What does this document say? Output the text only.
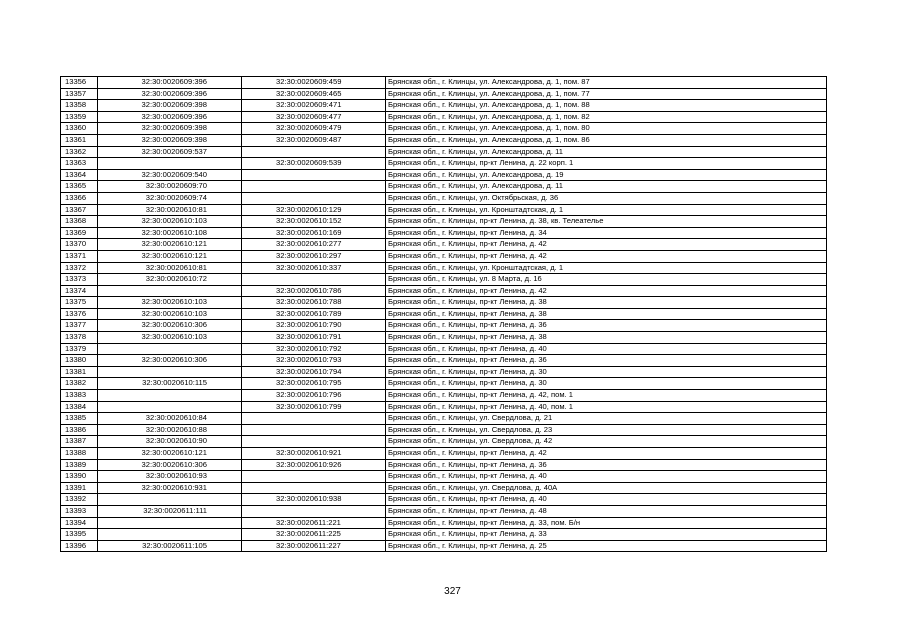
13356	32:30:0020609:396	32:30:0020609:459	Брянская обл., г. Клинцы, ул. Александрова, д. 1, пом. 87
13357	32:30:0020609:396	32:30:0020609:465	Брянская обл., г. Клинцы, ул. Александрова, д. 1, пом. 77
13358	32:30:0020609:398	32:30:0020609:471	Брянская обл., г. Клинцы, ул. Александрова, д. 1, пом. 88
13359	32:30:0020609:396	32:30:0020609:477	Брянская обл., г. Клинцы, ул. Александрова, д. 1, пом. 82
13360	32:30:0020609:398	32:30:0020609:479	Брянская обл., г. Клинцы, ул. Александрова, д. 1, пом. 80
13361	32:30:0020609:398	32:30:0020609:487	Брянская обл., г. Клинцы, ул. Александрова, д. 1, пом. 86
13362	32:30:0020609:537		Брянская обл., г. Клинцы, ул. Александрова, д. 11
13363		32:30:0020609:539	Брянская обл., г. Клинцы, пр-кт Ленина, д. 22 корп. 1
13364	32:30:0020609:540		Брянская обл., г. Клинцы, ул. Александрова, д. 19
13365	32:30:0020609:70		Брянская обл., г. Клинцы, ул. Александрова, д. 11
13366	32:30:0020609:74		Брянская обл., г. Клинцы, ул. Октябрьская, д. 36
13367	32:30:0020610:81	32:30:0020610:129	Брянская обл., г. Клинцы, ул. Кронштадтская, д. 1
13368	32:30:0020610:103	32:30:0020610:152	Брянская обл., г. Клинцы, пр-кт Ленина, д. 38, кв. Телеателье
13369	32:30:0020610:108	32:30:0020610:169	Брянская обл., г. Клинцы, пр-кт Ленина, д. 34
13370	32:30:0020610:121	32:30:0020610:277	Брянская обл., г. Клинцы, пр-кт Ленина, д. 42
13371	32:30:0020610:121	32:30:0020610:297	Брянская обл., г. Клинцы, пр-кт Ленина, д. 42
13372	32:30:0020610:81	32:30:0020610:337	Брянская обл., г. Клинцы, ул. Кронштадтская, д. 1
13373	32:30:0020610:72		Брянская обл., г. Клинцы, ул. 8 Марта, д. 16
13374		32:30:0020610:786	Брянская обл., г. Клинцы, пр-кт Ленина, д. 42
13375	32:30:0020610:103	32:30:0020610:788	Брянская обл., г. Клинцы, пр-кт Ленина, д. 38
13376	32:30:0020610:103	32:30:0020610:789	Брянская обл., г. Клинцы, пр-кт Ленина, д. 38
13377	32:30:0020610:306	32:30:0020610:790	Брянская обл., г. Клинцы, пр-кт Ленина, д. 36
13378	32:30:0020610:103	32:30:0020610:791	Брянская обл., г. Клинцы, пр-кт Ленина, д. 38
13379		32:30:0020610:792	Брянская обл., г. Клинцы, пр-кт Ленина, д. 40
13380	32:30:0020610:306	32:30:0020610:793	Брянская обл., г. Клинцы, пр-кт Ленина, д. 36
13381		32:30:0020610:794	Брянская обл., г. Клинцы, пр-кт Ленина, д. 30
13382	32:30:0020610:115	32:30:0020610:795	Брянская обл., г. Клинцы, пр-кт Ленина, д. 30
13383		32:30:0020610:796	Брянская обл., г. Клинцы, пр-кт Ленина, д. 42, пом. 1
13384		32:30:0020610:799	Брянская обл., г. Клинцы, пр-кт Ленина, д. 40, пом. 1
13385	32:30:0020610:84		Брянская обл., г. Клинцы, ул. Свердлова, д. 21
13386	32:30:0020610:88		Брянская обл., г. Клинцы, ул. Свердлова, д. 23
13387	32:30:0020610:90		Брянская обл., г. Клинцы, ул. Свердлова, д. 42
13388	32:30:0020610:121	32:30:0020610:921	Брянская обл., г. Клинцы, пр-кт Ленина, д. 42
13389	32:30:0020610:306	32:30:0020610:926	Брянская обл., г. Клинцы, пр-кт Ленина, д. 36
13390	32:30:0020610:93		Брянская обл., г. Клинцы, пр-кт Ленина, д. 40
13391	32:30:0020610:931		Брянская обл., г. Клинцы, ул. Свердлова, д. 40А
13392		32:30:0020610:938	Брянская обл., г. Клинцы, пр-кт Ленина, д. 40
13393	32:30:0020611:111		Брянская обл., г. Клинцы, пр-кт Ленина, д. 48
13394		32:30:0020611:221	Брянская обл., г. Клинцы, пр-кт Ленина, д. 33, пом. Б/н
13395		32:30:0020611:225	Брянская обл., г. Клинцы, пр-кт Ленина, д. 33
13396	32:30:0020611:105	32:30:0020611:227	Брянская обл., г. Клинцы, пр-кт Ленина, д. 25
327
